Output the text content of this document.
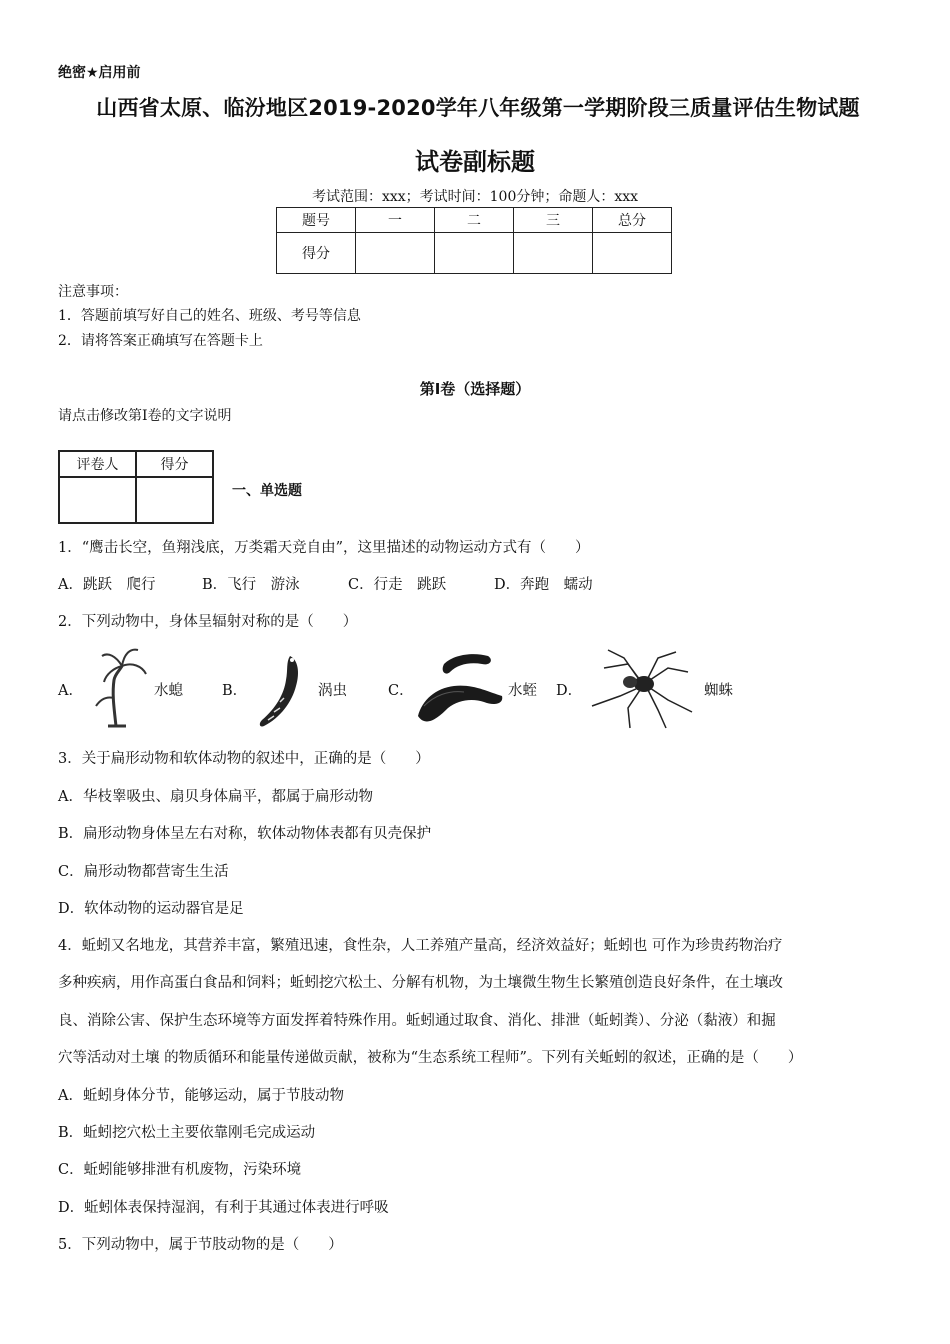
绝密★启用前
山西省太原、临汾地区2019-2020学年八年级第一学期阶段三质量评估生物试题
试卷副标题
考试范围：xxx；考试时间：100分钟；命题人：xxx
题号	一	二	三	总分
得分				
注意事项：
1．答题前填写好自己的姓名、班级、考号等信息
2．请将答案正确填写在答题卡上
第I卷（选择题）
请点击修改第I卷的文字说明
评卷人	得分

一、单选题
1．“鹰击长空，鱼翔浅底，万类霜天竞自由”，这里描述的动物运动方式有（　　）
A．跳跃　爬行	B．飞行　游泳	C．行走　跳跃	D．奔跑　蠕动
2．下列动物中，身体呈辐射对称的是（　　）
A．	水螅	B．	涡虫	C．	水蛭 D．	蜘蛛
3．关于扁形动物和软体动物的叙述中，正确的是（　　）
A．华枝睾吸虫、扇贝身体扁平，都属于扁形动物
B．扁形动物身体呈左右对称，软体动物体表都有贝壳保护
C．扁形动物都营寄生生活
D．软体动物的运动器官是足
4．蚯蚓又名地龙，其营养丰富，繁殖迅速，食性杂，人工养殖产量高，经济效益好；蚯蚓也 可作为珍贵药物治疗
多种疾病，用作高蛋白食品和饲料；蚯蚓挖穴松土、分解有机物，为土壤微生物生长繁殖创造良好条件，在土壤改
良、消除公害、保护生态环境等方面发挥着特殊作用。蚯蚓通过取食、消化、排泄（蚯蚓粪）、分泌（黏液）和掘
穴等活动对土壤 的物质循环和能量传递做贡献，被称为“生态系统工程师”。下列有关蚯蚓的叙述，正确的是（　　）
A．蚯蚓身体分节，能够运动，属于节肢动物
B．蚯蚓挖穴松土主要依靠刚毛完成运动
C．蚯蚓能够排泄有机废物，污染环境
D．蚯蚓体表保持湿润，有利于其通过体表进行呼吸
5．下列动物中，属于节肢动物的是（　　）
